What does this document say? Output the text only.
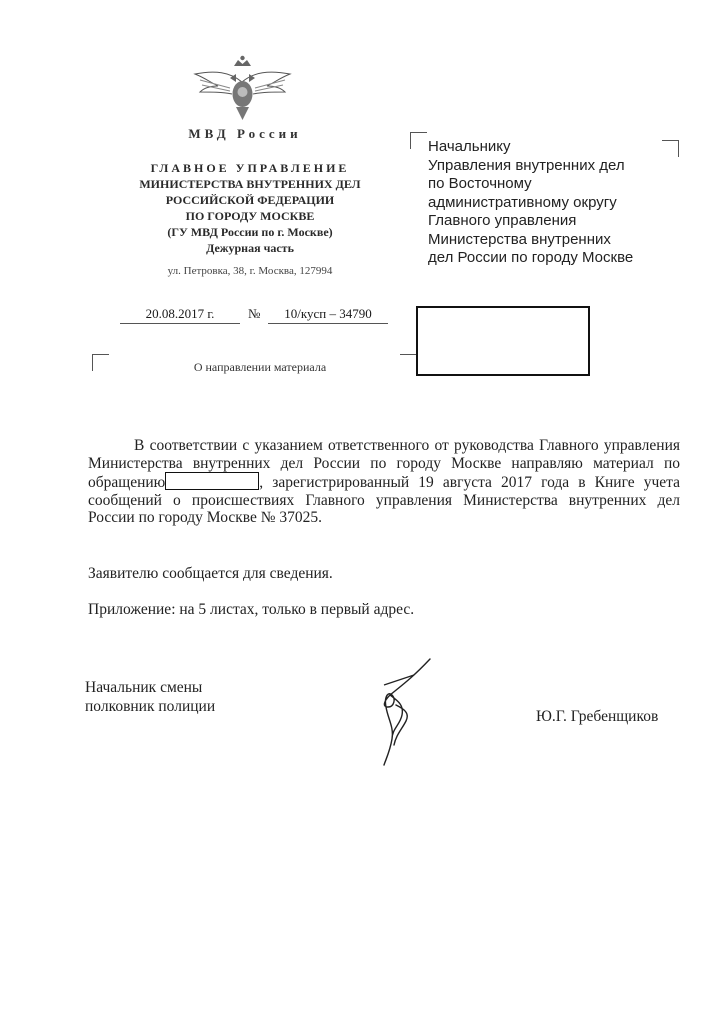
МВД России
ГЛАВНОЕ УПРАВЛЕНИЕ
МИНИСТЕРСТВА ВНУТРЕННИХ ДЕЛ
РОССИЙСКОЙ ФЕДЕРАЦИИ
ПО ГОРОДУ МОСКВЕ
(ГУ МВД России по г. Москве)
Дежурная часть
ул. Петровка, 38, г. Москва, 127994
20.08.2017 г.	№	10/кусп – 34790
О направлении материала
Начальнику
Управления внутренних дел
по Восточному
административному округу
Главного управления
Министерства внутренних
дел России по городу Москве

В соответствии с указанием ответственного от руководства Главного управления Министерства внутренних дел России по городу Москве направляю материал по обращению	, зарегистрированный 19 августа 2017 года в Книге учета сообщений о происшествиях Главного управления Министерства внутренних дел России по городу Москве № 37025.

Заявителю сообщается для сведения.
Приложение: на 5 листах, только в первый адрес.
Начальник смены
полковник полиции
Ю.Г. Гребенщиков
